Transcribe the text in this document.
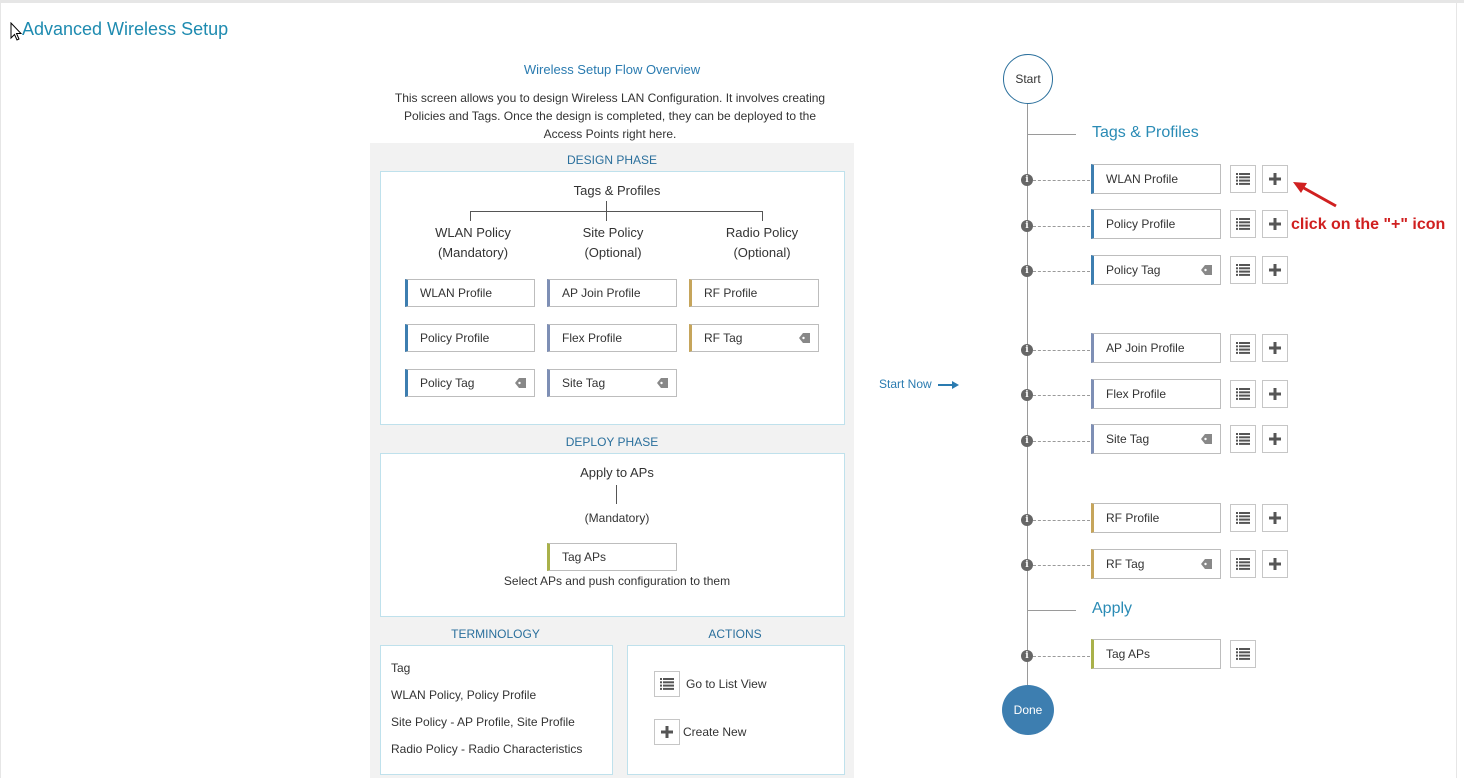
Advanced Wireless Setup
Wireless Setup Flow Overview
This screen allows you to design Wireless LAN Configuration. It involves creating Policies and Tags. Once the design is completed, they can be deployed to the Access Points right here.
DESIGN PHASE
Tags & Profiles
WLAN Policy
(Mandatory)
Site Policy
(Optional)
Radio Policy
(Optional)
WLAN Profile
Policy Profile
Policy Tag
AP Join Profile
Flex Profile
Site Tag
RF Profile
RF Tag
DEPLOY PHASE
Apply to APs
(Mandatory)
Tag APs
Select APs and push configuration to them
TERMINOLOGY
Tag
WLAN Policy, Policy Profile
Site Policy - AP Profile, Site Profile
Radio Policy - Radio Characteristics
ACTIONS
Go to List View
Create New
Start Now
Start
Done
Tags & Profiles
Apply
i	WLAN Profile
i	Policy Profile
i	Policy Tag
i	AP Join Profile
i	Flex Profile
i	Site Tag
i	RF Profile
i	RF Tag
i	Tag APs
click on the "+" icon
